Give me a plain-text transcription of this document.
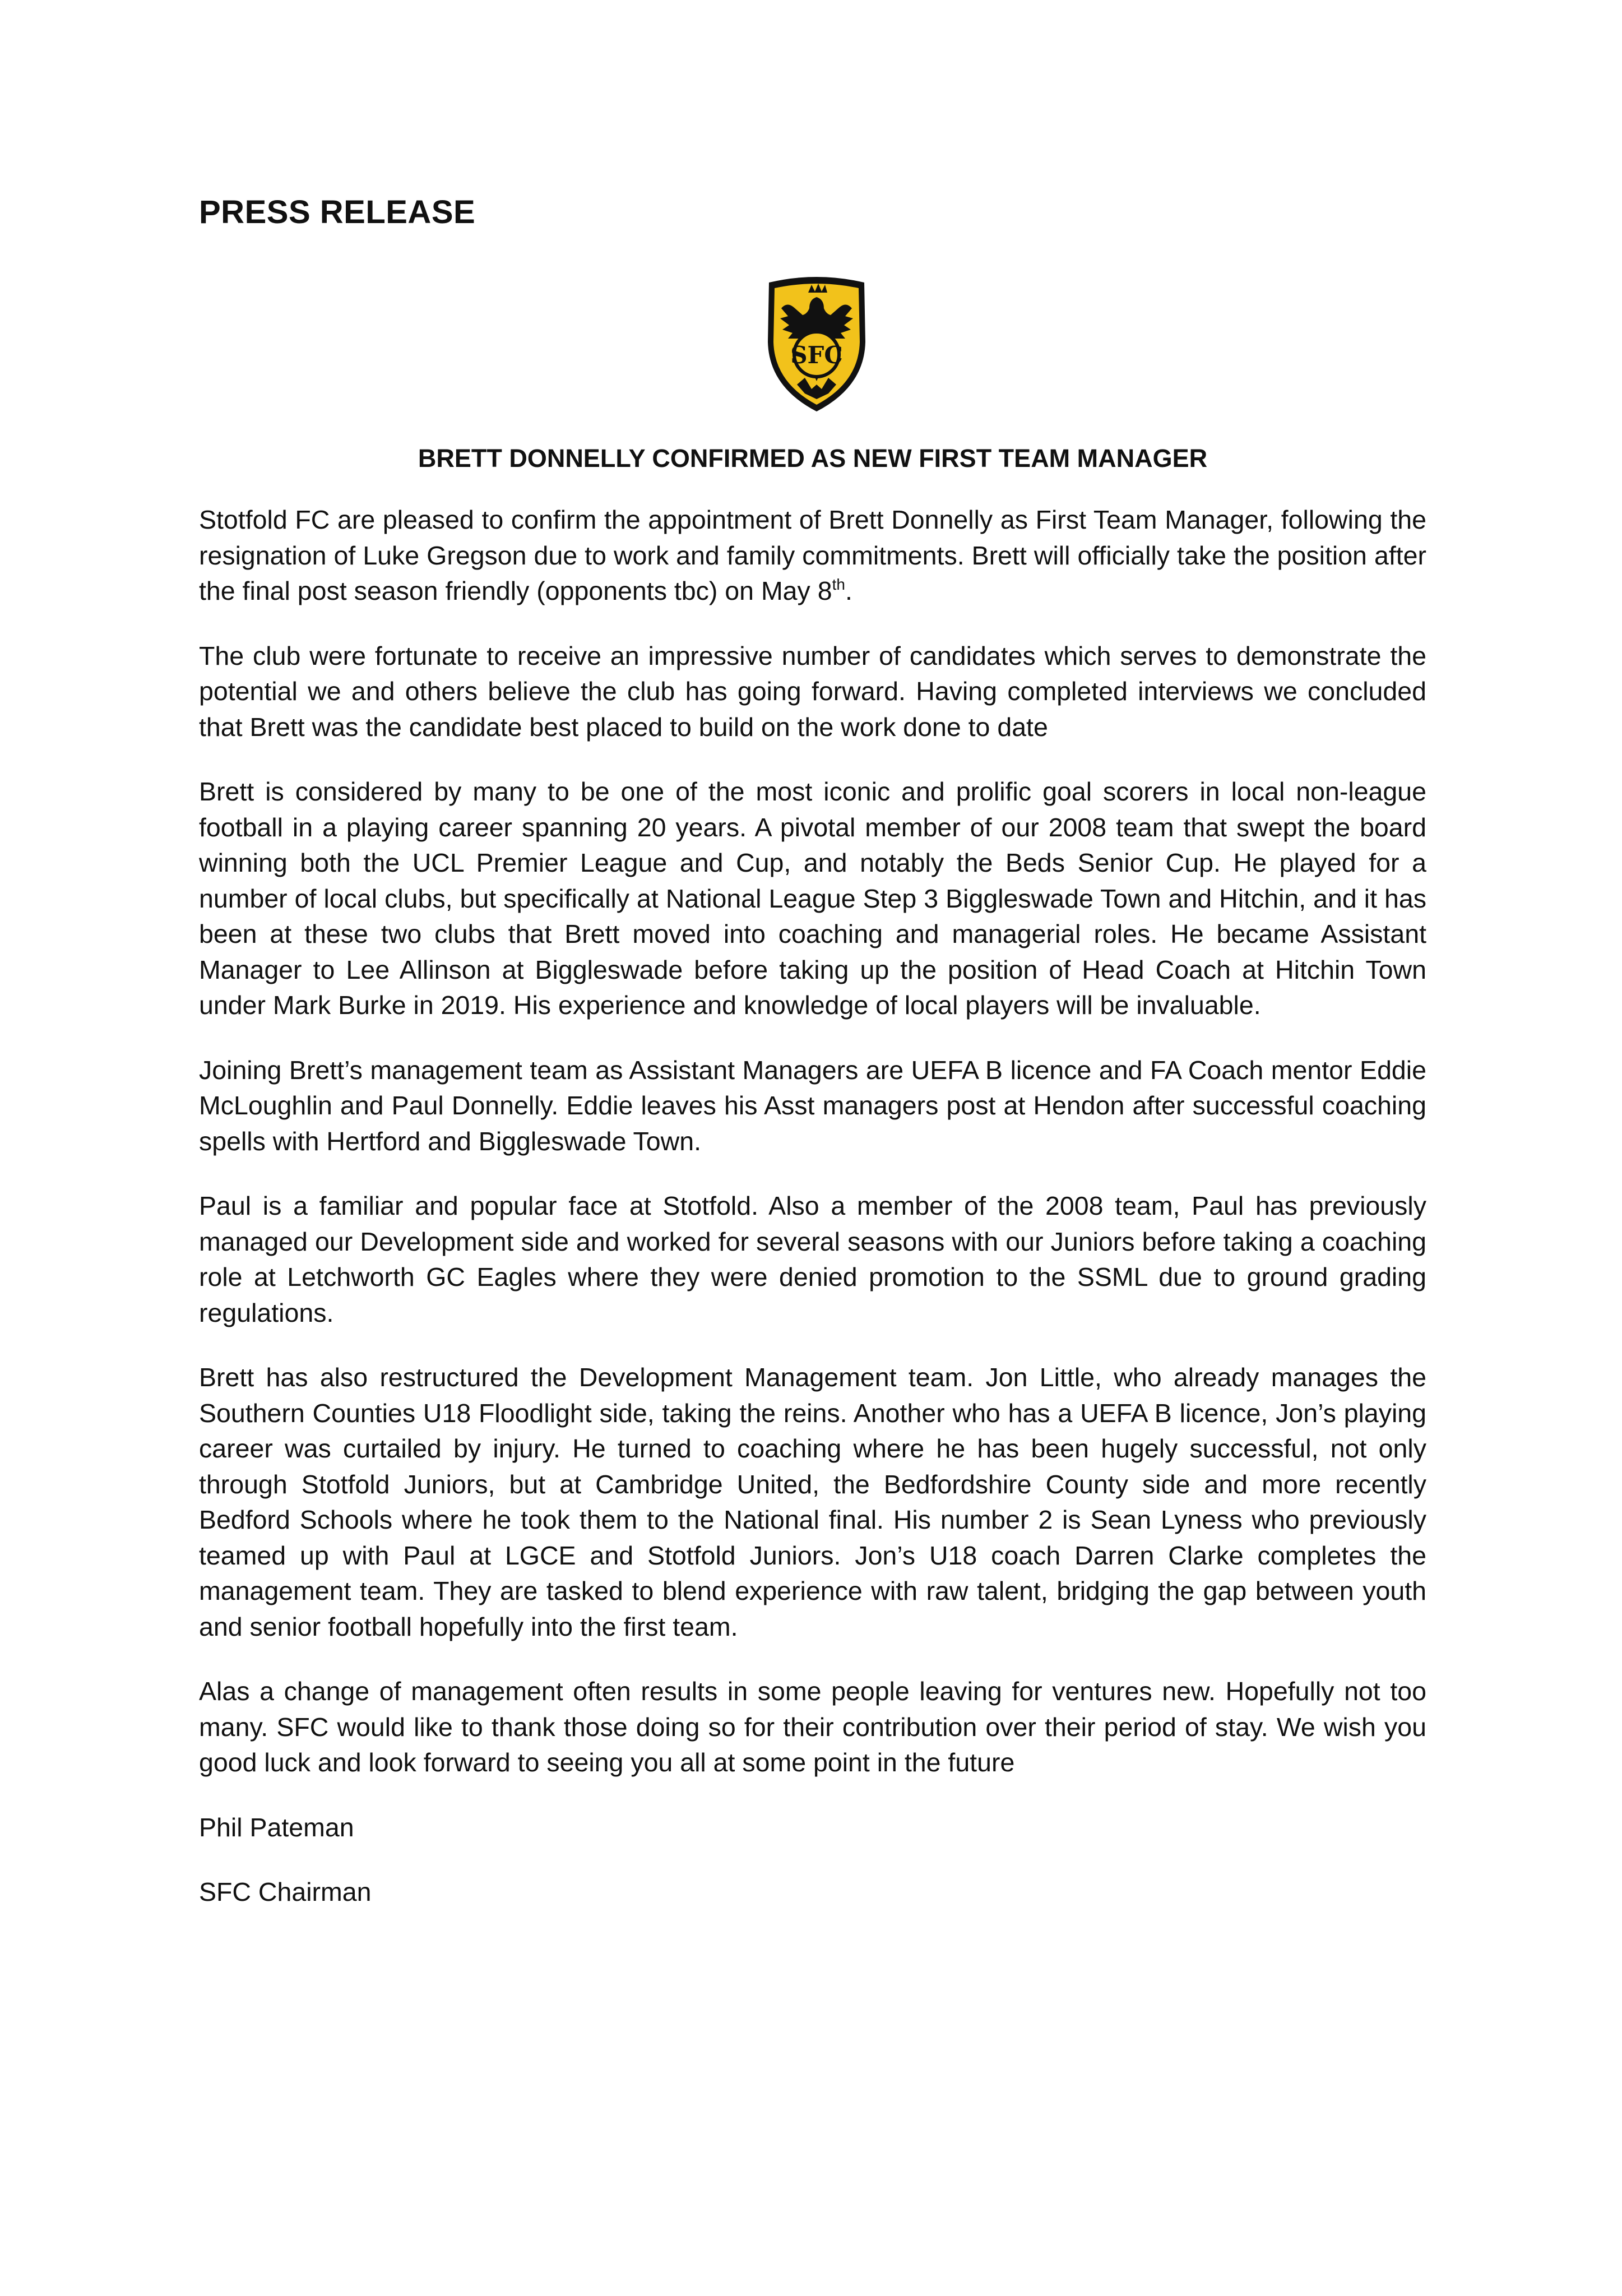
PRESS RELEASE
SFC
BRETT DONNELLY CONFIRMED AS NEW FIRST TEAM MANAGER

Stotfold FC are pleased to confirm the appointment of Brett Donnelly as First Team Manager, following the resignation of Luke Gregson due to work and family commitments. Brett will officially take the position after the final post season friendly (opponents tbc) on May 8th.

The club were fortunate to receive an impressive number of candidates which serves to demonstrate the potential we and others believe the club has going forward. Having completed interviews we concluded that Brett was the candidate best placed to build on the work done to date

Brett is considered by many to be one of the most iconic and prolific goal scorers in local non-league football in a playing career spanning 20 years. A pivotal member of our 2008 team that swept the board winning both the UCL Premier League and Cup, and notably the Beds Senior Cup. He played for a number of local clubs, but specifically at National League Step 3 Biggleswade Town and Hitchin, and it has been at these two clubs that Brett moved into coaching and managerial roles. He became Assistant Manager to Lee Allinson at Biggleswade before taking up the position of Head Coach at Hitchin Town under Mark Burke in 2019. His experience and knowledge of local players will be invaluable.

Joining Brett’s management team as Assistant Managers are UEFA B licence and FA Coach mentor Eddie McLoughlin and Paul Donnelly. Eddie leaves his Asst managers post at Hendon after successful coaching spells with Hertford and Biggleswade Town.

Paul is a familiar and popular face at Stotfold. Also a member of the 2008 team, Paul has previously managed our Development side and worked for several seasons with our Juniors before taking a coaching role at Letchworth GC Eagles where they were denied promotion to the SSML due to ground grading regulations.

Brett has also restructured the Development Management team. Jon Little, who already manages the Southern Counties U18 Floodlight side, taking the reins. Another who has a UEFA B licence, Jon’s playing career was curtailed by injury. He turned to coaching where he has been hugely successful, not only through Stotfold Juniors, but at Cambridge United, the Bedfordshire County side and more recently Bedford Schools where he took them to the National final. His number 2 is Sean Lyness who previously teamed up with Paul at LGCE and Stotfold Juniors. Jon’s U18 coach Darren Clarke completes the management team. They are tasked to blend experience with raw talent, bridging the gap between youth and senior football hopefully into the first team.

Alas a change of management often results in some people leaving for ventures new. Hopefully not too many. SFC would like to thank those doing so for their contribution over their period of stay. We wish you good luck and look forward to seeing you all at some point in the future

Phil Pateman
SFC Chairman
